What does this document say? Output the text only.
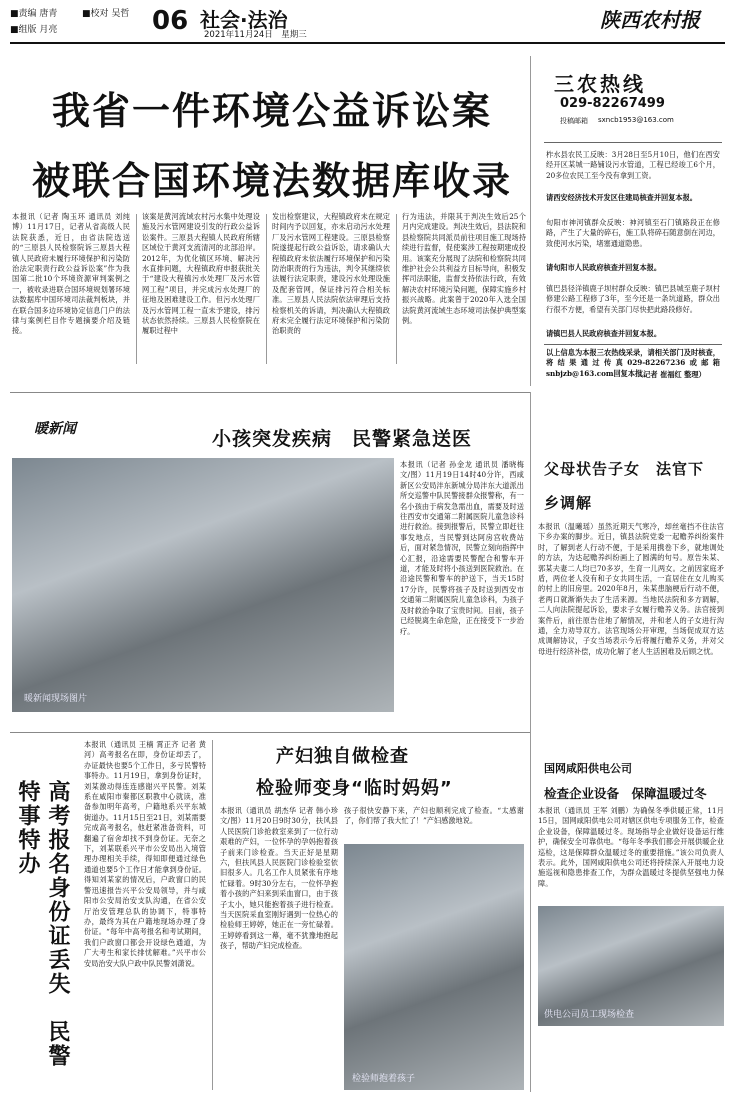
■责编 唐青	■校对 吴哲
■组版 月亮	06 社会·法治
2021年11月24日　星期三
陕西农村报
我省一件环境公益诉讼案
被联合国环境法数据库收录
本报讯（记者 陶玉环 通讯员 刘纯博）11月17日，记者从省高级人民法院获悉，近日，由省法院选送的“三原县人民检察院诉三原县大程镇人民政府未履行环境保护和污染防治法定职责行政公益诉讼案”作为我国第二批10个环境资源审判案例之一，被收录进联合国环境规划署环境法数据库中国环境司法裁判板块，并在联合国多边环境协定信息门户的法律与案例栏目作专题摘要介绍及链接。
该案是黄河流域农村污水集中处理设施及污水管网建设引发的行政公益诉讼案件。三原县大程镇人民政府所辖区域位于黄河支流清河的北部沿岸。2012年，为优化镇区环境、解决污水直排问题，大程镇政府申报获批关于“建设大程镇污水处理厂及污水管网工程”项目，并完成污水处理厂的征地及困难建设工作。但污水处理厂及污水管网工程一直未予建设，排污状态依然持续。三原县人民检察院在履职过程中
发出检察建议，大程镇政府未在规定时间内予以回复，亦未启动污水处理厂及污水管网工程建设。三原县检察院遂提起行政公益诉讼，请求确认大程镇政府未依法履行环境保护和污染防治职责的行为违法，判令其继续依法履行法定职责，建设污水处理设施及配套管网，保证排污符合相关标准。三原县人民法院依法审理后支持检察机关的诉请，判决确认大程镇政府未完全履行法定环境保护和污染防治职责的
行为违法，并限其于判决生效后25个月内完成建设。判决生效后，县法院和县检察院共同派员前往项目施工现场持续进行监督，促使案涉工程按期建成投用。该案充分展现了法院和检察院共同维护社会公共利益方目标导向，积极发挥司法职能，监督支持依法行政，有效解决农村环境污染问题，保障实施乡村振兴战略。此案曾于2020年入选全国法院黄河流域生态环境司法保护典型案例。
三农热线
029-82267499
投稿邮箱 sxncb1953@163.com
柞水县农民工反映：3月28日至5月10日，他们在西安经开区某城一路铺设污水管道，工程已经竣工6个月，20多位农民工至今没有拿到工资。
请西安经济技术开发区住建局核查并回复本报。
旬阳市神河镇群众反映：神河镇至石门镇路段正在修路，产生了大量的碎石，施工队将碎石随意倒在河边，致使河水污染，堵塞通道隐患。
请旬阳市人民政府核查并回复本报。
镇巴县径洋镇鹿子坝村群众反映：镇巴县城至鹿子坝村修建公路工程修了3年，至今还是一条坑道路，群众出行很不方便，希望有关部门尽快把此路段修好。
请镇巴县人民政府核查并回复本报。
以上信息为本报三农热线采录，请相关部门及时核查，将结果通过传真029-82267236或邮箱snbjzb@163.com回复本报。
（记者 崔福红 整理）
暖新闻	小孩突发疾病　民警紧急送医
暖新闻现场图片
本报讯（记者 孙金龙 通讯员 潘晓梅 文/图）11月19日14时40分许，西咸新区公安局沣东新城分局沣东大道派出所交巡警中队民警接群众报警称，有一名小孩由于病发急需出血，需要及时送往西安市交通第二附属医院儿童急诊科进行救治。接到报警后，民警立即赶往事发地点，当民警到达阿房宫收费站后，面对紧急情况，民警立刻向指挥中心汇报，沿途需要民警配合和警车开道，才能及时将小孩送到医院救治。在沿途民警和警车的护送下，当天15时17分许，民警将孩子及时送到西安市交通第二附属医院儿童急诊科，为孩子及时救治争取了宝贵时间。目前，孩子已经脱离生命危险，正在接受下一步治疗。
父母状告子女　法官下乡调解
本报讯（温曦瑶）虽然近期天气寒冷，却丝毫挡不住法官下乡办案的脚步。近日，镇县法院党委一起赡养纠纷案件时，了解到老人行动不便，于是采用携卷下乡，就地调处的方法，为达起赡养纠纷画上了圆满的句号。原告朱某、郭某夫妻二人均已70多岁，生育一儿两女。之前因家庭矛盾，两位老人没有和子女共同生活，一直居住在女儿购买的村上的旧房里。2020年8月，朱某患脑梗后行动不便，老两口就渐渐失去了生活来源。当地民法院和多方调解，二人向法院提起诉讼，要求子女履行赡养义务。法官接到案件后，前往原告住地了解情况，并和老人的子女进行沟通，全力劝导双方。法官现场公开审理，当场促成双方达成调解协议，子女当场表示今后将履行赡养义务，并对父母进行经济补偿，成功化解了老人生活困难及后顾之忧。
国网咸阳供电公司
检查企业设备　保障温暖过冬
本报讯（通讯员 王军 刘鹏）为确保冬季供暖正常，11月15日，国网咸阳供电公司对辖区供电专项服务工作，检查企业设备，保障温暖过冬。现场指导企业做好设备运行维护，确保安全可靠供电。“每年冬季我们都会开展供暖企业巡检，这是保障群众温暖过冬的重要措施。”该公司负责人表示。此外，国网咸阳供电公司还将持续深入开展电力设施巡视和隐患排查工作，为群众温暖过冬提供坚强电力保障。
供电公司员工现场检查
本报讯（通讯员 王楠 霄正齐 记者 黄河）高考报名在即，身份证却丢了，办证最快也要5个工作日，多亏民警特事特办。11月19日，拿到身份证时，刘某激动得连连感谢兴平民警。刘某系在咸阳市秦都区职教中心就读，准备参加明年高考，户籍地系兴平东城街道办。11月15日至21日，刘某需要完成高考报名，他赶紧准备资料，可翻遍了宿舍却找不到身份证。无奈之下，刘某联系兴平市公安局出入境管理办理相关手续，得知即便通过绿色通道也要5个工作日才能拿到身份证。得知刘某家的情况后，户政窗口的民警迅速报告兴平公安局领导，并与咸阳市公安局治安支队沟通，在省公安厅治安管理总队的协调下，特事特办，最终为其在户籍地现场办理了身份证。“每年中高考报名和考试期间，我们户政窗口都会开设绿色通道，为广大考生和家长排忧解难。”兴平市公安局治安大队户政中队民警刘潇说。
高考报名身份证丢失　民警特事特办
产妇独自做检查
检验师变身“临时妈妈”
本报讯（通讯员 胡杰华 记者 韩小珍 文/图）11月20日9时30分，扶风县人民医院门诊抢救室来到了一位行动艰难的产妇，一位怀孕的孕妈抱着孩子前来门诊检查。当天正好是星期六，但扶风县人民医院门诊检验室依旧很多人。几名工作人员紧张有序地忙碌着。9时30分左右，一位怀孕抱着小孩的产妇来到采血窗口，由于孩子太小，她只能抱着孩子进行检查。当天医院采血室刚好遇到一位热心的检验师王婷婷，她正在一旁忙碌着。王婷婷看到这一幕，毫不犹豫地抱起孩子，帮助产妇完成检查。
孩子很快安静下来，产妇也顺利完成了检查。“太感谢了，你们帮了我大忙了！”产妇感激地说。
检验师抱着孩子
